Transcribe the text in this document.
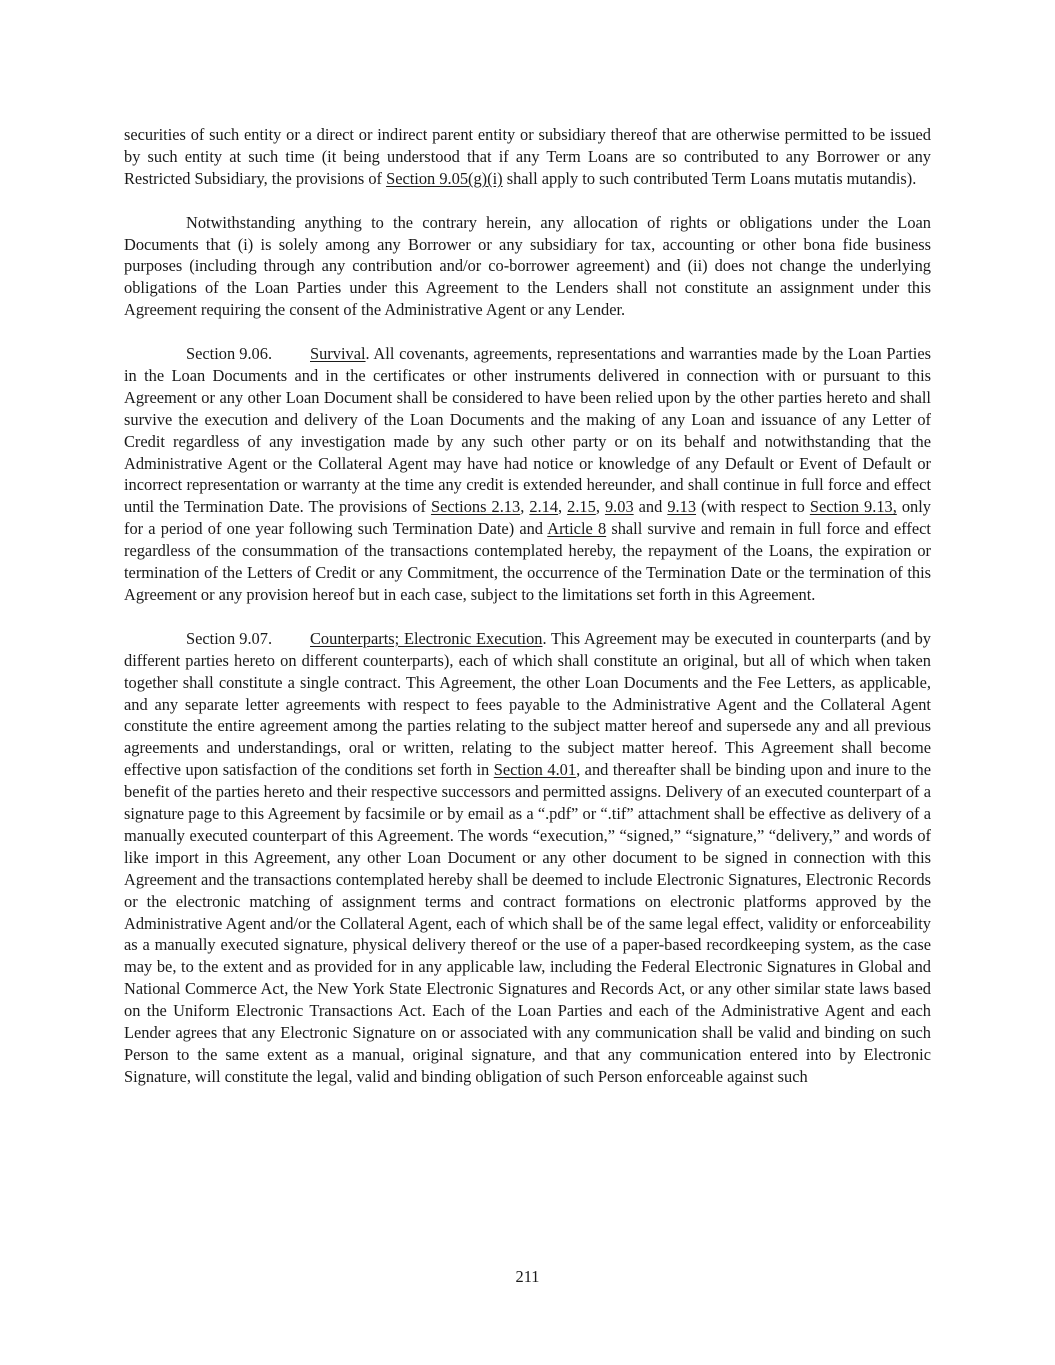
securities of such entity or a direct or indirect parent entity or subsidiary thereof that are otherwise permitted to be issued by such entity at such time (it being understood that if any Term Loans are so contributed to any Borrower or any Restricted Subsidiary, the provisions of Section 9.05(g)(i) shall apply to such contributed Term Loans mutatis mutandis).

Notwithstanding anything to the contrary herein, any allocation of rights or obligations under the Loan Documents that (i) is solely among any Borrower or any subsidiary for tax, accounting or other bona fide business purposes (including through any contribution and/or co-borrower agreement) and (ii) does not change the underlying obligations of the Loan Parties under this Agreement to the Lenders shall not constitute an assignment under this Agreement requiring the consent of the Administrative Agent or any Lender.

Section 9.06. Survival. All covenants, agreements, representations and warranties made by the Loan Parties in the Loan Documents and in the certificates or other instruments delivered in connection with or pursuant to this Agreement or any other Loan Document shall be considered to have been relied upon by the other parties hereto and shall survive the execution and delivery of the Loan Documents and the making of any Loan and issuance of any Letter of Credit regardless of any investigation made by any such other party or on its behalf and notwithstanding that the Administrative Agent or the Collateral Agent may have had notice or knowledge of any Default or Event of Default or incorrect representation or warranty at the time any credit is extended hereunder, and shall continue in full force and effect until the Termination Date. The provisions of Sections 2.13, 2.14, 2.15, 9.03 and 9.13 (with respect to Section 9.13, only for a period of one year following such Termination Date) and Article 8 shall survive and remain in full force and effect regardless of the consummation of the transactions contemplated hereby, the repayment of the Loans, the expiration or termination of the Letters of Credit or any Commitment, the occurrence of the Termination Date or the termination of this Agreement or any provision hereof but in each case, subject to the limitations set forth in this Agreement.

Section 9.07. Counterparts; Electronic Execution. This Agreement may be executed in counterparts (and by different parties hereto on different counterparts), each of which shall constitute an original, but all of which when taken together shall constitute a single contract. This Agreement, the other Loan Documents and the Fee Letters, as applicable, and any separate letter agreements with respect to fees payable to the Administrative Agent and the Collateral Agent constitute the entire agreement among the parties relating to the subject matter hereof and supersede any and all previous agreements and understandings, oral or written, relating to the subject matter hereof. This Agreement shall become effective upon satisfaction of the conditions set forth in Section 4.01, and thereafter shall be binding upon and inure to the benefit of the parties hereto and their respective successors and permitted assigns. Delivery of an executed counterpart of a signature page to this Agreement by facsimile or by email as a “.pdf” or “.tif” attachment shall be effective as delivery of a manually executed counterpart of this Agreement. The words “execution,” “signed,” “signature,” “delivery,” and words of like import in this Agreement, any other Loan Document or any other document to be signed in connection with this Agreement and the transactions contemplated hereby shall be deemed to include Electronic Signatures, Electronic Records or the electronic matching of assignment terms and contract formations on electronic platforms approved by the Administrative Agent and/or the Collateral Agent, each of which shall be of the same legal effect, validity or enforceability as a manually executed signature, physical delivery thereof or the use of a paper-based recordkeeping system, as the case may be, to the extent and as provided for in any applicable law, including the Federal Electronic Signatures in Global and National Commerce Act, the New York State Electronic Signatures and Records Act, or any other similar state laws based on the Uniform Electronic Transactions Act. Each of the Loan Parties and each of the Administrative Agent and each Lender agrees that any Electronic Signature on or associated with any communication shall be valid and binding on such Person to the same extent as a manual, original signature, and that any communication entered into by Electronic Signature, will constitute the legal, valid and binding obligation of such Person enforceable against such

211
